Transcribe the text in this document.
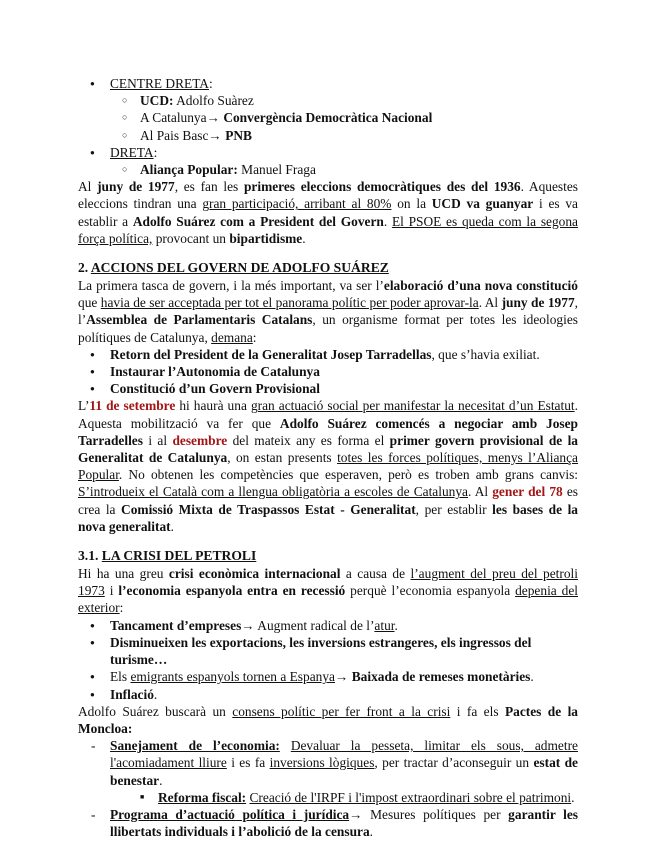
● CENTRE DRETA:
○ UCD: Adolfo Suàrez
○ A Catalunya→ Convergència Democràtica Nacional
○ Al Pais Basc→ PNB
● DRETA:
○ Aliança Popular: Manuel Fraga

Al juny de 1977, es fan les primeres eleccions democràtiques des del 1936. Aquestes eleccions tindran una gran participació, arribant al 80% on la UCD va guanyar i es va establir a Adolfo Suárez com a President del Govern. El PSOE es queda com la segona força política, provocant un bipartidisme.

2. ACCIONS DEL GOVERN DE ADOLFO SUÁREZ

La primera tasca de govern, i la més important, va ser l’elaboració d’una nova constitució que havia de ser acceptada per tot el panorama polític per poder aprovar-la. Al juny de 1977, l’Assemblea de Parlamentaris Catalans, un organisme format per totes les ideologies polítiques de Catalunya, demana:

● Retorn del President de la Generalitat Josep Tarradellas, que s’havia exiliat.
● Instaurar l’Autonomia de Catalunya
● Constitució d’un Govern Provisional

L’11 de setembre hi haurà una gran actuació social per manifestar la necesitat d’un Estatut. Aquesta mobilització va fer que Adolfo Suárez comencés a negociar amb Josep Tarradelles i al desembre del mateix any es forma el primer govern provisional de la Generalitat de Catalunya, on estan presents totes les forces polítiques, menys l’Aliança Popular. No obtenen les competències que esperaven, però es troben amb grans canvis: S’introdueix el Català com a llengua obligatòria a escoles de Catalunya. Al gener del 78 es crea la Comissió Mixta de Traspassos Estat - Generalitat, per establir les bases de la nova generalitat.

3.1. LA CRISI DEL PETROLI

Hi ha una greu crisi econòmica internacional a causa de l’augment del preu del petroli 1973 i l’economia espanyola entra en recessió perquè l’economia espanyola depenia del exterior:

● Tancament d’empreses→ Augment radical de l’atur.
● Disminueixen les exportacions, les inversions estrangeres, els ingressos del turisme…
● Els emigrants espanyols tornen a Espanya→ Baixada de remeses monetàries.
● Inflació.

Adolfo Suárez buscarà un consens polític per fer front a la crisi i fa els Pactes de la Moncloa:

- Sanejament de l’economia: Devaluar la pesseta, limitar els sous, admetre l'acomiadament lliure i es fa inversions lògiques, per tractar d’aconseguir un estat de benestar.
■ Reforma fiscal: Creació de l'IRPF i l'impost extraordinari sobre el patrimoni.
- Programa d’actuació política i jurídica→ Mesures polítiques per garantir les llibertats individuals i l’abolició de la censura.
